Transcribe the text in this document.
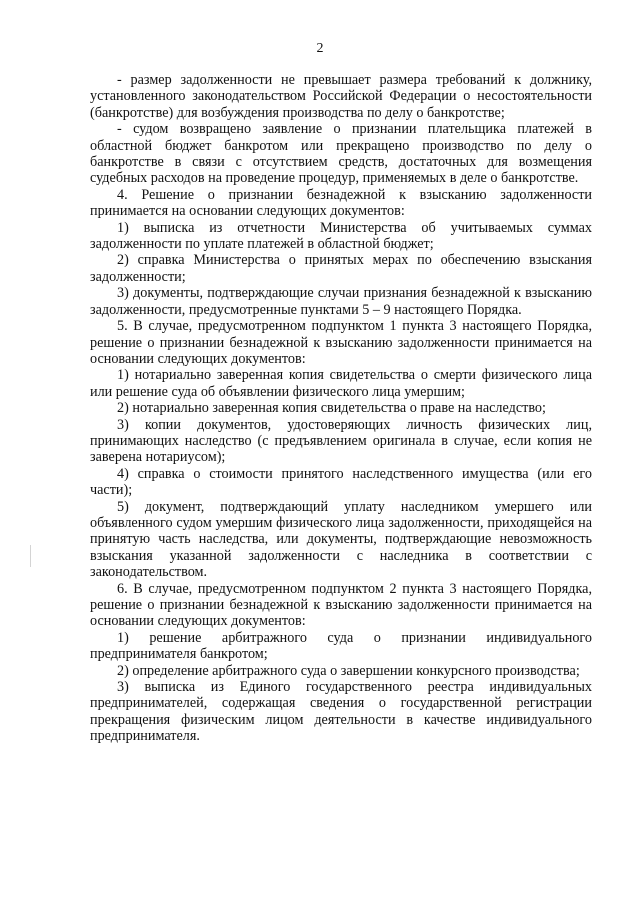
2

- размер задолженности не превышает размера требований к должнику, установленного законодательством Российской Федерации о несостоятельности (банкротстве) для возбуждения производства по делу о банкротстве;

- судом возвращено заявление о признании плательщика платежей в областной бюджет банкротом или прекращено производство по делу о банкротстве в связи с отсутствием средств, достаточных для возмещения судебных расходов на проведение процедур, применяемых в деле о банкротстве.

4. Решение о признании безнадежной к взысканию задолженности принимается на основании следующих документов:

1) выписка из отчетности Министерства об учитываемых суммах задолженности по уплате платежей в областной бюджет;

2) справка Министерства о принятых мерах по обеспечению взыскания задолженности;

3) документы, подтверждающие случаи признания безнадежной к взысканию задолженности, предусмотренные пунктами 5 – 9 настоящего Порядка.

5. В случае, предусмотренном подпунктом 1 пункта 3 настоящего Порядка, решение о признании безнадежной к взысканию задолженности принимается на основании следующих документов:

1) нотариально заверенная копия свидетельства о смерти физического лица или решение суда об объявлении физического лица умершим;

2) нотариально заверенная копия свидетельства о праве на наследство;

3) копии документов, удостоверяющих личность физических лиц, принимающих наследство (с предъявлением оригинала в случае, если копия не заверена нотариусом);

4) справка о стоимости принятого наследственного имущества (или его части);

5) документ, подтверждающий уплату наследником умершего или объявленного судом умершим физического лица задолженности, приходящейся на принятую часть наследства, или документы, подтверждающие невозможность взыскания указанной задолженности с наследника в соответствии с законодательством.

6. В случае, предусмотренном подпунктом 2 пункта 3 настоящего Порядка, решение о признании безнадежной к взысканию задолженности принимается на основании следующих документов:

1) решение арбитражного суда о признании индивидуального предпринимателя банкротом;

2) определение арбитражного суда о завершении конкурсного производства;

3) выписка из Единого государственного реестра индивидуальных предпринимателей, содержащая сведения о государственной регистрации прекращения физическим лицом деятельности в качестве индивидуального предпринимателя.
